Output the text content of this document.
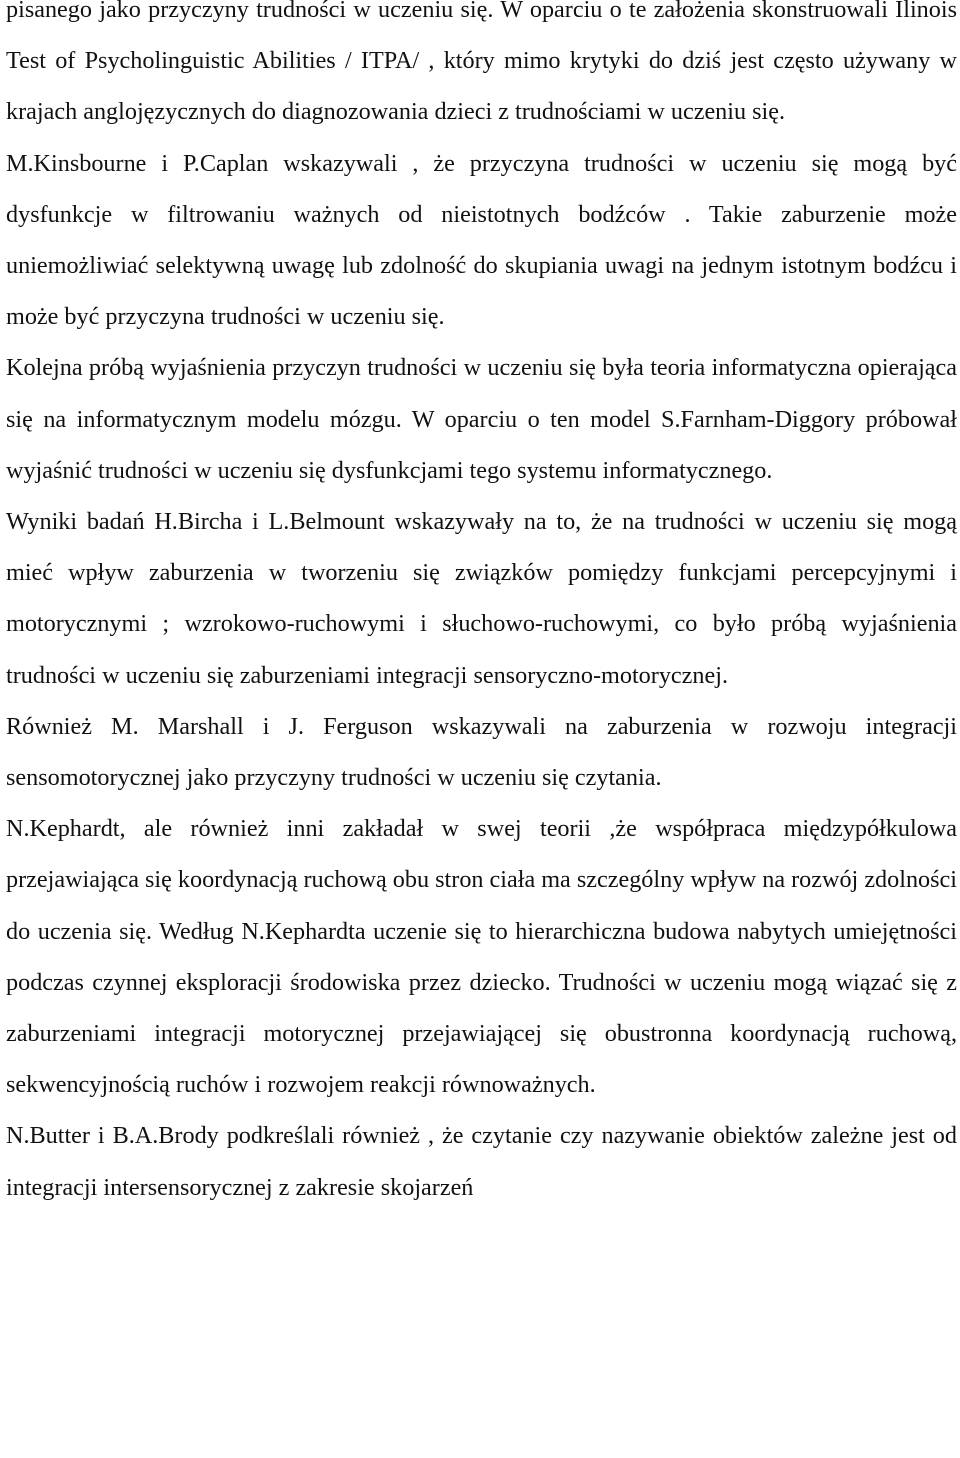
pisanego jako przyczyny trudności w uczeniu się. W oparciu o te założenia skonstruowali Ilinois Test of Psycholinguistic Abilities / ITPA/ , który mimo krytyki do dziś jest często używany w krajach anglojęzycznych do diagnozowania dzieci z trudnościami w uczeniu się.

M.Kinsbourne i P.Caplan wskazywali , że przyczyna trudności w uczeniu się mogą być dysfunkcje w filtrowaniu ważnych od nieistotnych bodźców . Takie zaburzenie może uniemożliwiać selektywną uwagę lub zdolność do skupiania uwagi na jednym istotnym bodźcu i może być przyczyna trudności w uczeniu się.

Kolejna próbą wyjaśnienia przyczyn trudności w uczeniu się była teoria informatyczna opierająca się na informatycznym modelu mózgu. W oparciu o ten model S.Farnham-Diggory próbował wyjaśnić trudności w uczeniu się dysfunkcjami tego systemu informatycznego.

Wyniki badań H.Bircha i L.Belmount wskazywały na to, że na trudności w uczeniu się mogą mieć wpływ zaburzenia w tworzeniu się związków pomiędzy funkcjami percepcyjnymi i motorycznymi ; wzrokowo-ruchowymi i słuchowo-ruchowymi, co było próbą wyjaśnienia trudności w uczeniu się zaburzeniami integracji sensoryczno-motorycznej.

Również M. Marshall i J. Ferguson wskazywali na zaburzenia w rozwoju integracji sensomotorycznej jako przyczyny trudności w uczeniu się czytania.

N.Kephardt, ale również inni zakładał w swej teorii ,że współpraca międzypółkulowa przejawiająca się koordynacją ruchową obu stron ciała ma szczególny wpływ na rozwój zdolności do uczenia się. Według N.Kephardta uczenie się to hierarchiczna budowa nabytych umiejętności podczas czynnej eksploracji środowiska przez dziecko. Trudności w uczeniu mogą wiązać się z zaburzeniami integracji motorycznej przejawiającej się obustronna koordynacją ruchową, sekwencyjnością ruchów i rozwojem reakcji równoważnych.

N.Butter i B.A.Brody podkreślali również , że czytanie czy nazywanie obiektów zależne jest od integracji intersensorycznej z zakresie skojarzeń
